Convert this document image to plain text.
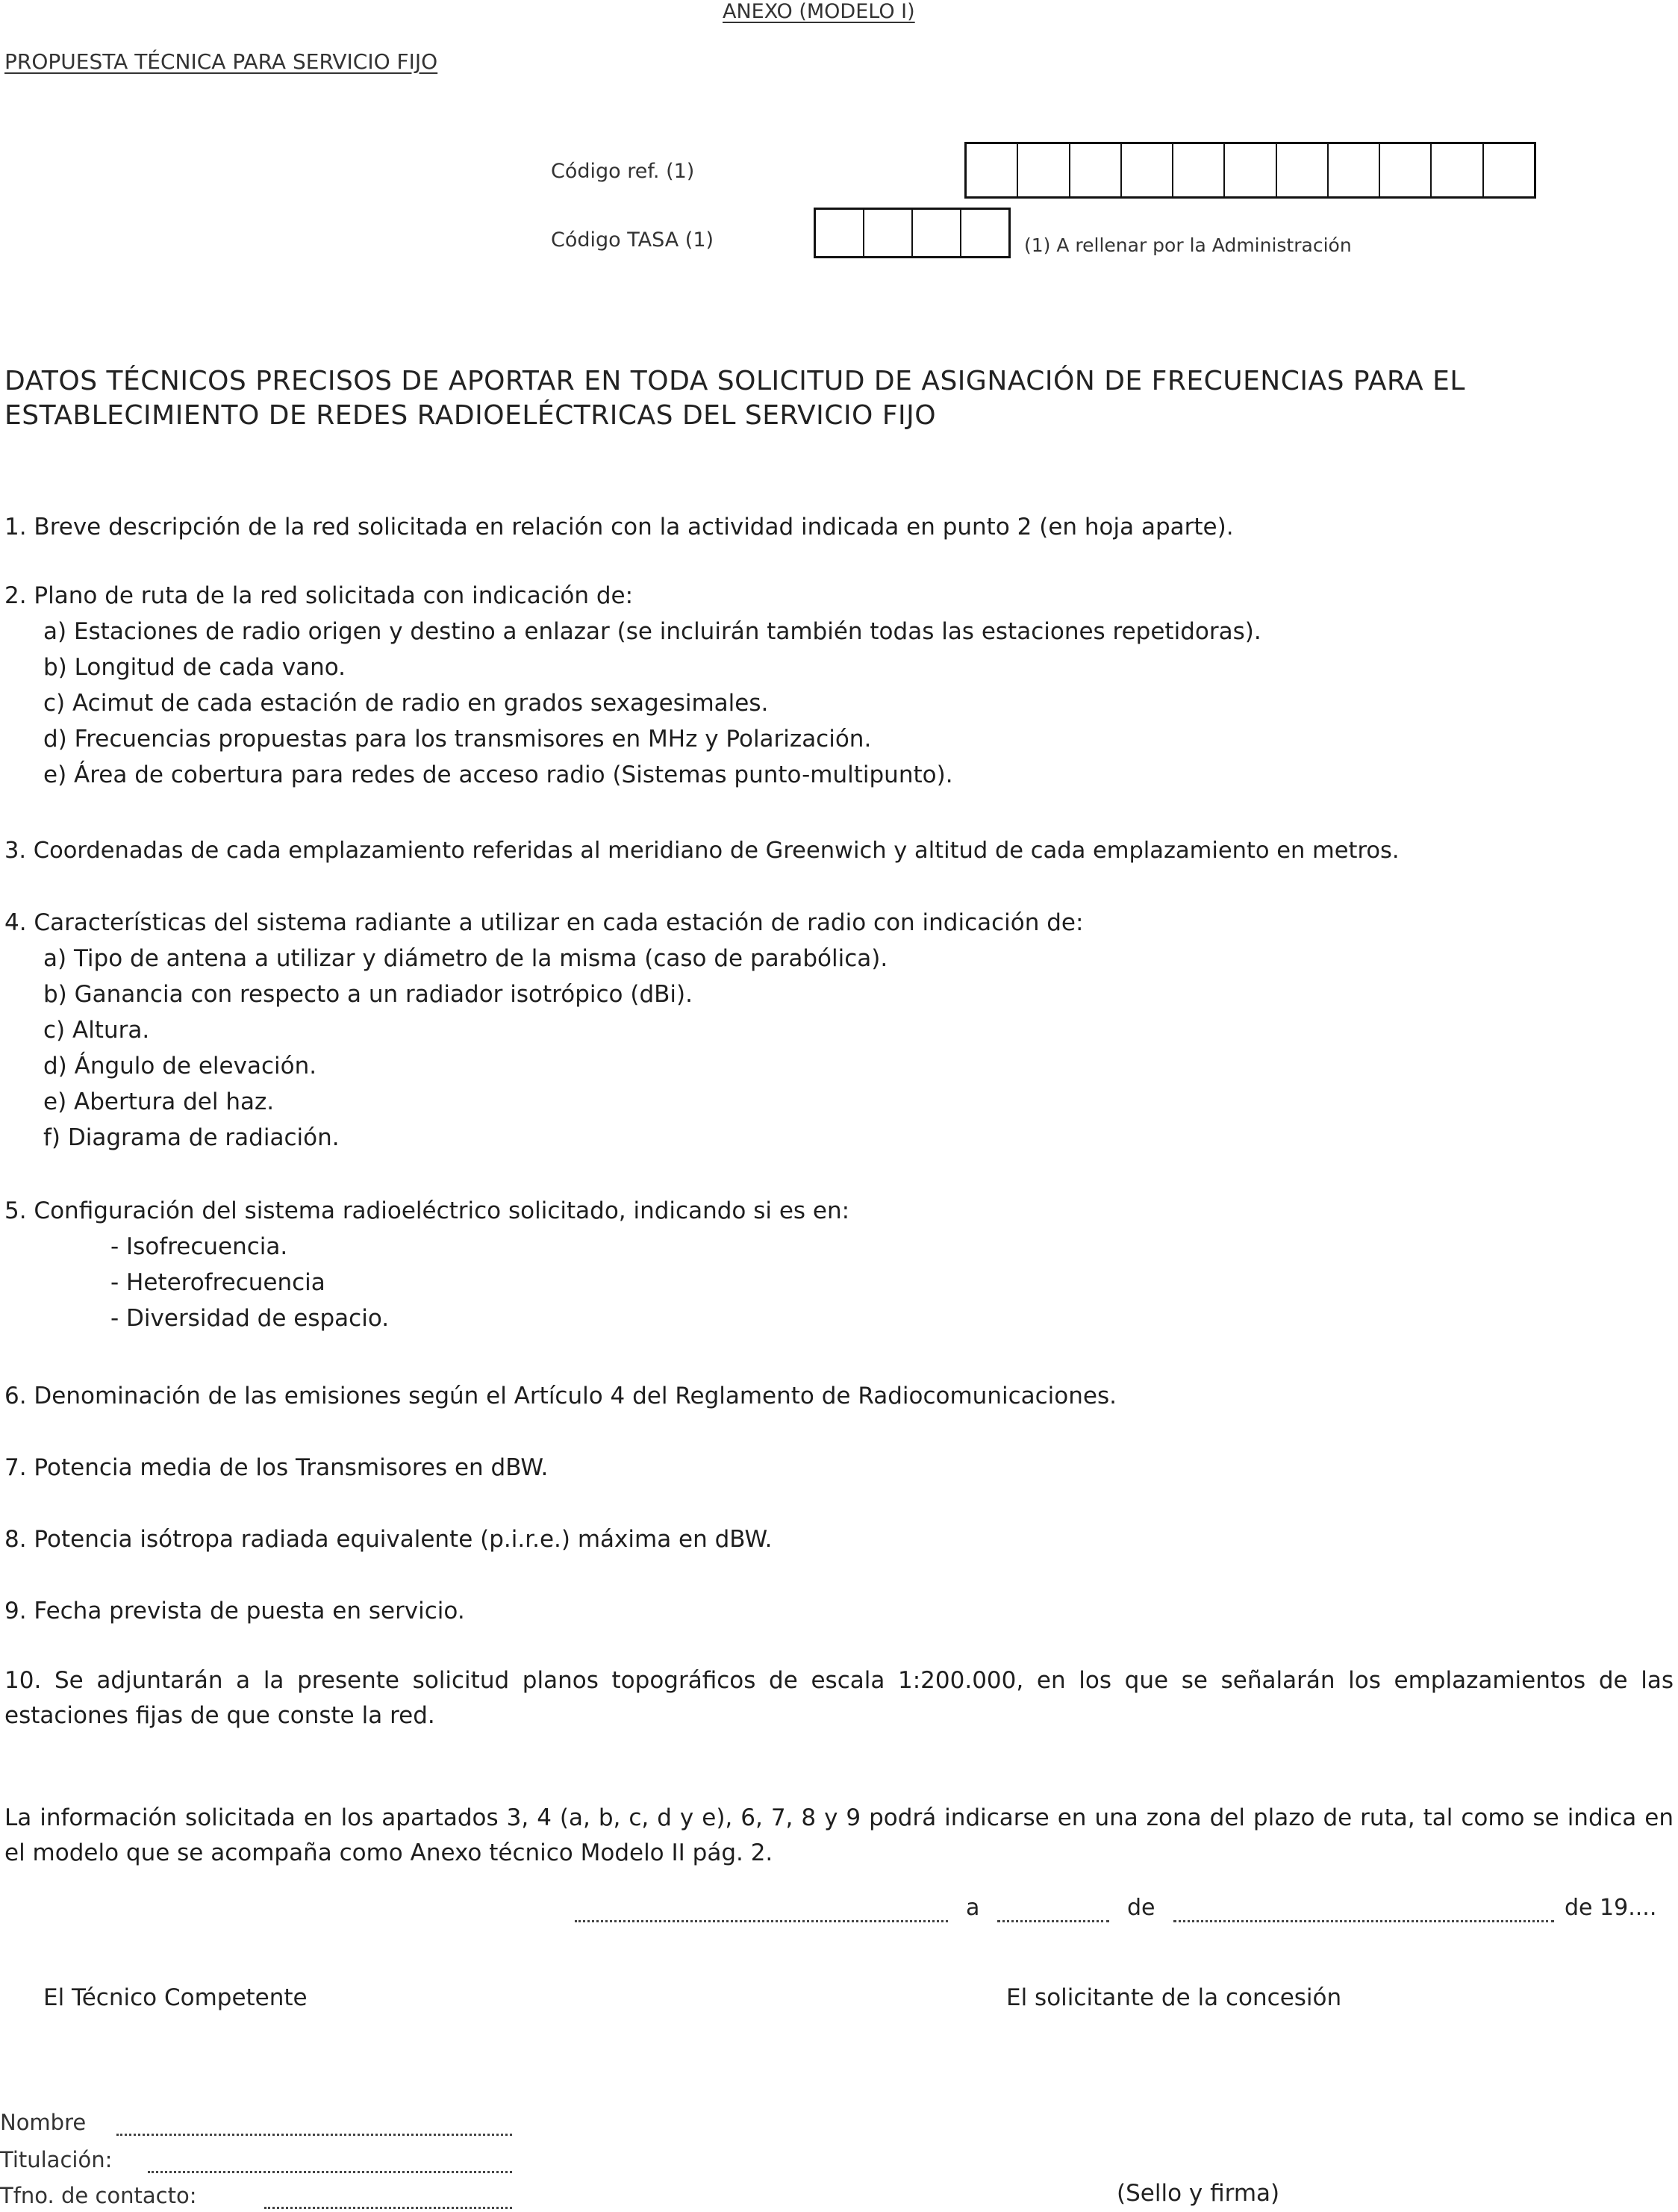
ANEXO (MODELO I)
PROPUESTA TÉCNICA PARA SERVICIO FIJO
Código ref. (1)
Código TASA (1)	(1) A rellenar por la Administración
DATOS TÉCNICOS PRECISOS DE APORTAR EN TODA SOLICITUD DE ASIGNACIÓN DE FRECUENCIAS PARA EL ESTABLECIMIENTO DE REDES RADIOELÉCTRICAS DEL SERVICIO FIJO
1. Breve descripción de la red solicitada en relación con la actividad indicada en punto 2 (en hoja aparte).
2. Plano de ruta de la red solicitada con indicación de:
a) Estaciones de radio origen y destino a enlazar (se incluirán también todas las estaciones repetidoras).
b) Longitud de cada vano.
c) Acimut de cada estación de radio en grados sexagesimales.
d) Frecuencias propuestas para los transmisores en MHz y Polarización.
e) Área de cobertura para redes de acceso radio (Sistemas punto-multipunto).
3. Coordenadas de cada emplazamiento referidas al meridiano de Greenwich y altitud de cada emplazamiento en metros.
4. Características del sistema radiante a utilizar en cada estación de radio con indicación de:
a) Tipo de antena a utilizar y diámetro de la misma (caso de parabólica).
b) Ganancia con respecto a un radiador isotrópico (dBi).
c) Altura.
d) Ángulo de elevación.
e) Abertura del haz.
f) Diagrama de radiación.
5. Configuración del sistema radioeléctrico solicitado, indicando si es en:
- Isofrecuencia.
- Heterofrecuencia
- Diversidad de espacio.
6. Denominación de las emisiones según el Artículo 4 del Reglamento de Radiocomunicaciones.
7. Potencia media de los Transmisores en dBW.
8. Potencia isótropa radiada equivalente (p.i.r.e.) máxima en dBW.
9. Fecha prevista de puesta en servicio.
10. Se adjuntarán a la presente solicitud planos topográficos de escala 1:200.000, en los que se señalarán los emplazamientos de las estaciones fijas de que conste la red.
La información solicitada en los apartados 3, 4 (a, b, c, d y e), 6, 7, 8 y 9 podrá indicarse en una zona del plazo de ruta, tal como se indica en el modelo que se acompaña como Anexo técnico Modelo II pág. 2.
a	de	de 19....
El Técnico Competente	El solicitante de la concesión
Nombre
Titulación:
Tfno. de contacto:	(Sello y firma)
